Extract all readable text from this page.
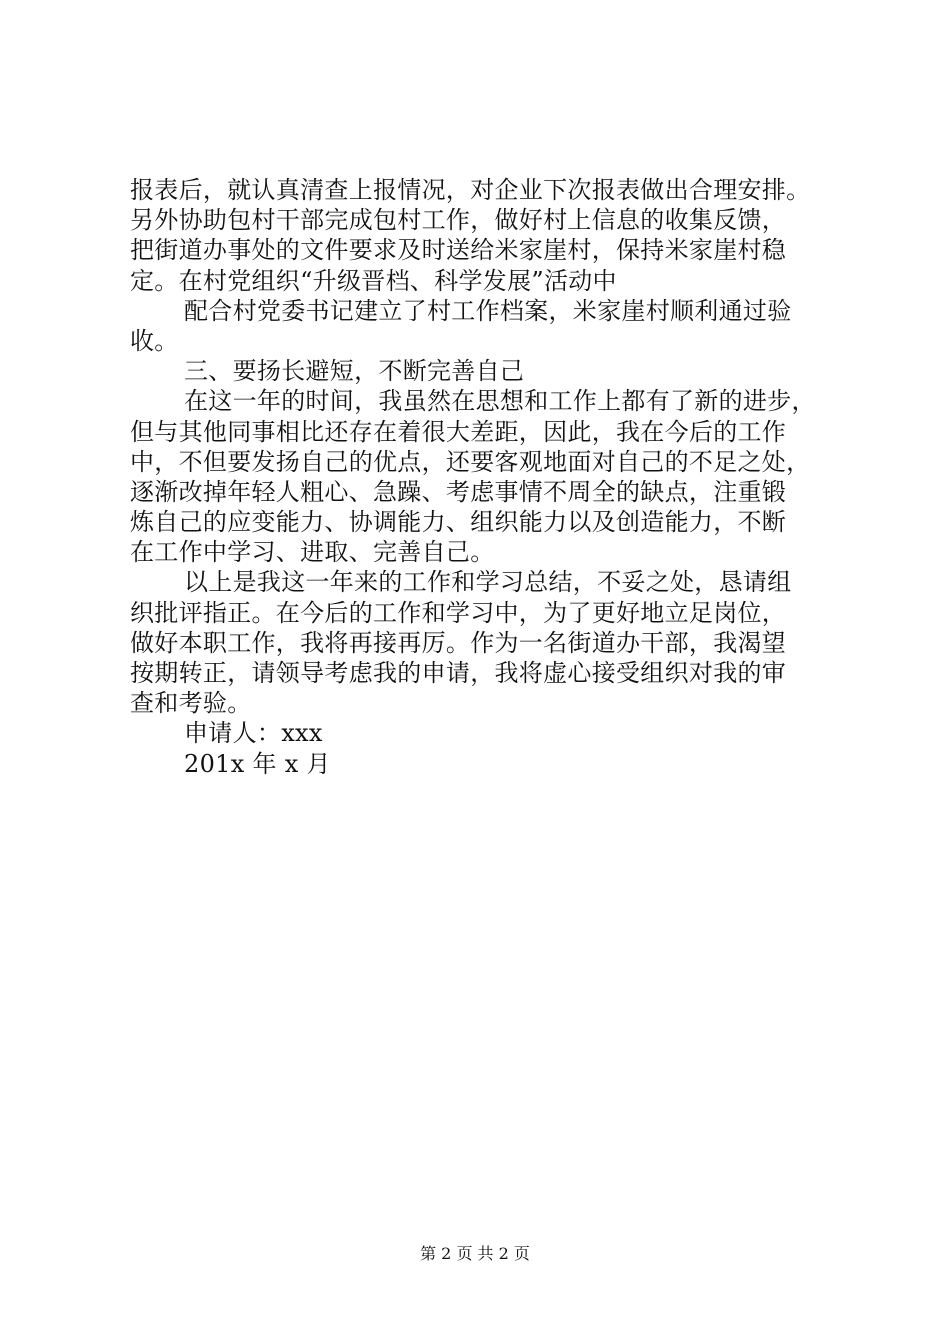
报表后，就认真清查上报情况，对企业下次报表做出合理安排。
另外协助包村干部完成包村工作，做好村上信息的收集反馈，
把街道办事处的文件要求及时送给米家崖村，保持米家崖村稳
定。在村党组织“升级晋档、科学发展”活动中
配合村党委书记建立了村工作档案，米家崖村顺利通过验
收。
三、要扬长避短，不断完善自己
在这一年的时间，我虽然在思想和工作上都有了新的进步，
但与其他同事相比还存在着很大差距，因此，我在今后的工作
中，不但要发扬自己的优点，还要客观地面对自己的不足之处，
逐渐改掉年轻人粗心、急躁、考虑事情不周全的缺点，注重锻
炼自己的应变能力、协调能力、组织能力以及创造能力，不断
在工作中学习、进取、完善自己。
以上是我这一年来的工作和学习总结，不妥之处，恳请组
织批评指正。在今后的工作和学习中，为了更好地立足岗位，
做好本职工作，我将再接再厉。作为一名街道办干部，我渴望
按期转正，请领导考虑我的申请，我将虚心接受组织对我的审
查和考验。
申请人：xxx
201x 年 x 月
第 2 页 共 2 页
